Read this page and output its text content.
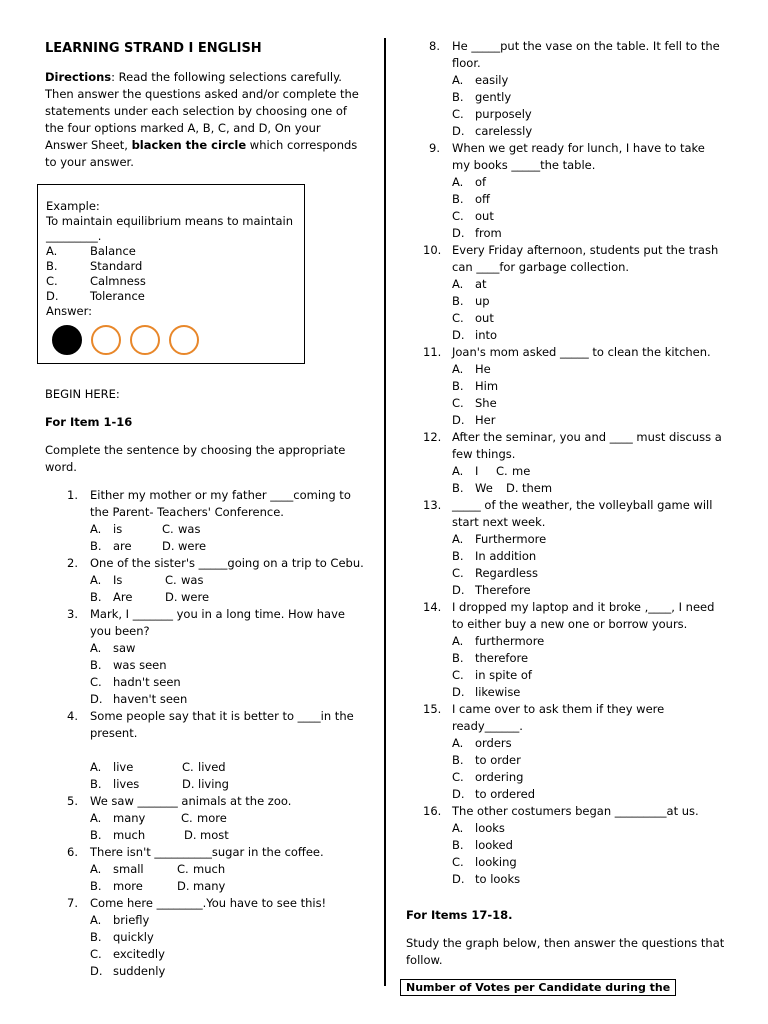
LEARNING STRAND I ENGLISH
Directions: Read the following selections carefully. Then answer the questions asked and/or complete the statements under each selection by choosing one of the four options marked A, B, C, and D, On your Answer Sheet, blacken the circle which corresponds to your answer.
Example:
To maintain equilibrium means to maintain _________.
A.	Balance
B.	Standard
C.	Calmness
D.	Tolerance
Answer:
BEGIN HERE:
For Item 1-16
Complete the sentence by choosing the appropriate word.
1. Either my mother or my father ____coming to the Parent- Teachers' Conference.
A.	is	C. was
B. are	D. were
2. One of the sister's _____going on a trip to Cebu.
A.	Is	C. was
B. Are	D. were
3. Mark, I _______ you in a long time. How have you been?
A.	saw
B. was seen
C. hadn't seen
D. haven't seen
4. Some people say that it is better to ____in the present.
A.	live	C. lived
B. lives	D. living
5. We saw _______ animals at the zoo.
A.	many	C. more
B. much	D. most
6. There isn't __________sugar in the coffee.
A.	small	C. much
B. more	D. many
7. Come here ________.You have to see this!
A.	briefly
B. quickly
C. excitedly
D. suddenly
8. He _____put the vase on the table. It fell to the floor.
A.	easily
B. gently
C. purposely
D. carelessly
9. When we get ready for lunch, I have to take my books _____the table.
A.	of
B. off
C. out
D. from
10. Every Friday afternoon, students put the trash can ____for garbage collection.
A.	at
B. up
C. out
D. into
11. Joan's mom asked _____ to clean the kitchen.
A.	He
B. Him
C. She
D. Her
12. After the seminar, you and ____ must discuss a few things.
A.	I C. me
B. We D. them
13. _____ of the weather, the volleyball game will start next week.
A.	Furthermore
B. In addition
C. Regardless
D. Therefore
14. I dropped my laptop and it broke ,____, I need to either buy a new one or borrow yours.
A.	furthermore
B. therefore
C. in spite of
D. likewise
15. I came over to ask them if they were ready______.
A.	orders
B. to order
C. ordering
D. to ordered
16. The other costumers began _________at us.
A.	looks
B. looked
C. looking
D. to looks
For Items 17-18.
Study the graph below, then answer the questions that follow.
Number of Votes per Candidate during the
